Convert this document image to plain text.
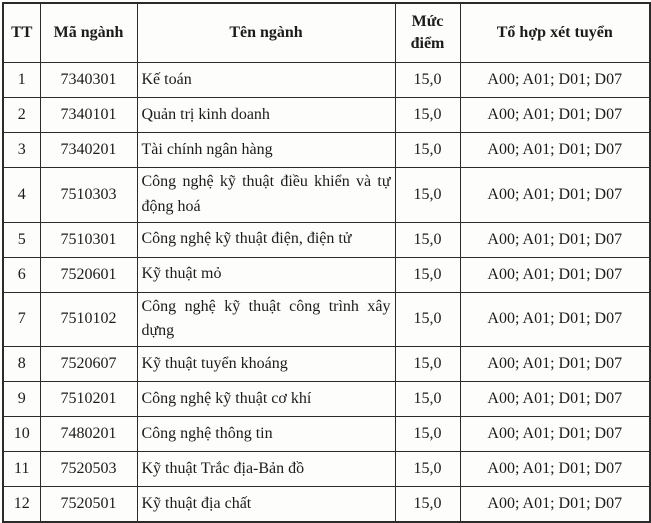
TT	Mã ngành	Tên ngành	Mức điểm	Tổ hợp xét tuyển
1	7340301	Kế toán	15,0	A00; A01; D01; D07
2	7340101	Quản trị kinh doanh	15,0	A00; A01; D01; D07
3	7340201	Tài chính ngân hàng	15,0	A00; A01; D01; D07
4	7510303	Công nghệ kỹ thuật điều khiển và tự động hoá	15,0	A00; A01; D01; D07
5	7510301	Công nghệ kỹ thuật điện, điện tử	15,0	A00; A01; D01; D07
6	7520601	Kỹ thuật mỏ	15,0	A00; A01; D01; D07
7	7510102	Công nghệ kỹ thuật công trình xây dựng	15,0	A00; A01; D01; D07
8	7520607	Kỹ thuật tuyển khoáng	15,0	A00; A01; D01; D07
9	7510201	Công nghệ kỹ thuật cơ khí	15,0	A00; A01; D01; D07
10	7480201	Công nghệ thông tin	15,0	A00; A01; D01; D07
11	7520503	Kỹ thuật Trắc địa-Bản đồ	15,0	A00; A01; D01; D07
12	7520501	Kỹ thuật địa chất	15,0	A00; A01; D01; D07
